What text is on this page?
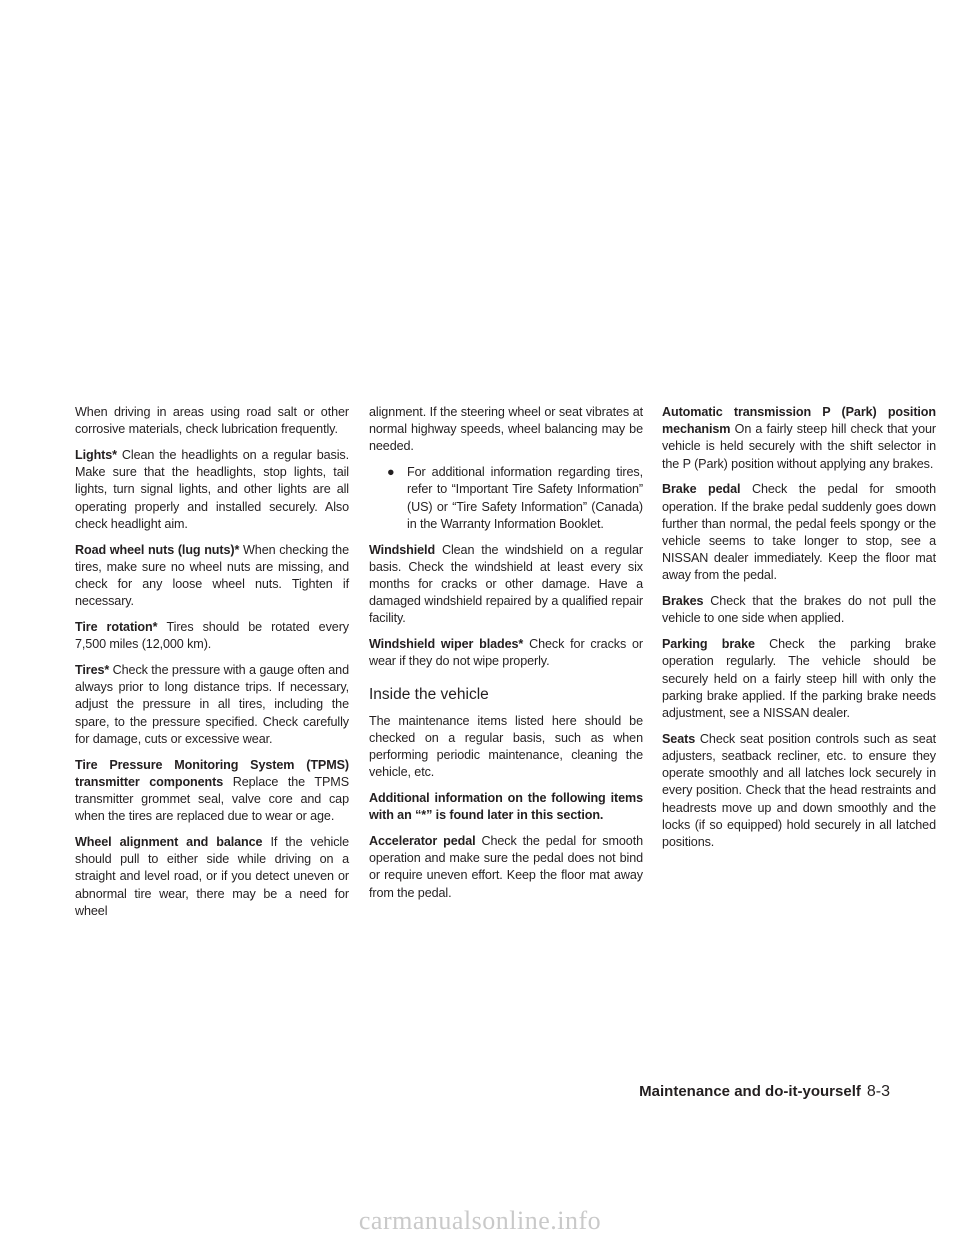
When driving in areas using road salt or other corrosive materials, check lubrication frequently.

Lights* Clean the headlights on a regular basis. Make sure that the headlights, stop lights, tail lights, turn signal lights, and other lights are all operating properly and installed securely. Also check headlight aim.

Road wheel nuts (lug nuts)* When checking the tires, make sure no wheel nuts are missing, and check for any loose wheel nuts. Tighten if necessary.

Tire rotation* Tires should be rotated every 7,500 miles (12,000 km).

Tires* Check the pressure with a gauge often and always prior to long distance trips. If necessary, adjust the pressure in all tires, including the spare, to the pressure specified. Check carefully for damage, cuts or excessive wear.

Tire Pressure Monitoring System (TPMS) transmitter components Replace the TPMS transmitter grommet seal, valve core and cap when the tires are replaced due to wear or age.

Wheel alignment and balance If the vehicle should pull to either side while driving on a straight and level road, or if you detect uneven or abnormal tire wear, there may be a need for wheel

alignment. If the steering wheel or seat vibrates at normal highway speeds, wheel balancing may be needed.

● For additional information regarding tires, refer to “Important Tire Safety Information” (US) or “Tire Safety Information” (Canada) in the Warranty Information Booklet.

Windshield Clean the windshield on a regular basis. Check the windshield at least every six months for cracks or other damage. Have a damaged windshield repaired by a qualified repair facility.

Windshield wiper blades* Check for cracks or wear if they do not wipe properly.

Inside the vehicle

The maintenance items listed here should be checked on a regular basis, such as when performing periodic maintenance, cleaning the vehicle, etc.

Additional information on the following items with an “*” is found later in this section.

Accelerator pedal Check the pedal for smooth operation and make sure the pedal does not bind or require uneven effort. Keep the floor mat away from the pedal.

Automatic transmission P (Park) position mechanism On a fairly steep hill check that your vehicle is held securely with the shift selector in the P (Park) position without applying any brakes.

Brake pedal Check the pedal for smooth operation. If the brake pedal suddenly goes down further than normal, the pedal feels spongy or the vehicle seems to take longer to stop, see a NISSAN dealer immediately. Keep the floor mat away from the pedal.

Brakes Check that the brakes do not pull the vehicle to one side when applied.

Parking brake Check the parking brake operation regularly. The vehicle should be securely held on a fairly steep hill with only the parking brake applied. If the parking brake needs adjustment, see a NISSAN dealer.

Seats Check seat position controls such as seat adjusters, seatback recliner, etc. to ensure they operate smoothly and all latches lock securely in every position. Check that the head restraints and headrests move up and down smoothly and the locks (if so equipped) hold securely in all latched positions.

Maintenance and do-it-yourself 8-3
carmanualsonline.info
